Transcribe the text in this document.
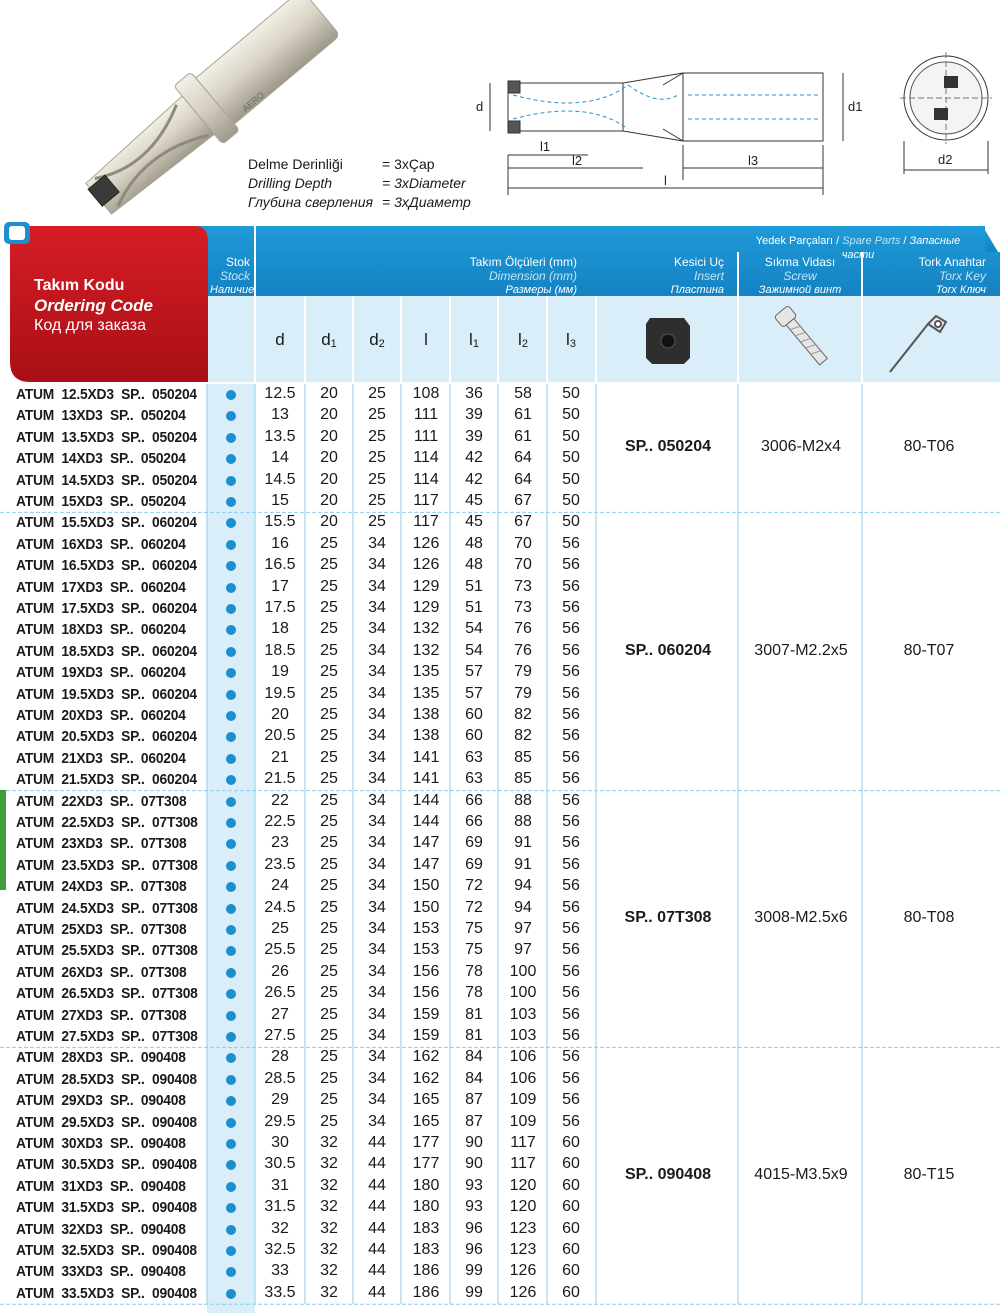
AERO
Delme Derinliği	= 3xÇap
Drilling Depth	= 3xDiameter
Глубина сверления = 3xДиаметр
d	d1
l1
l2	l3
l
d2
Takım Kodu
Ordering Code
Код для заказа
Stok
Stock
Наличие
Takım Ölçüleri (mm)
Dimension (mm)
Размеры (мм)
Kesici Uç
Insert
Пластина
Yedek Parçaları / Spare Parts / Запасные части
Sıkma Vidası
Screw
Зажимной винт
Tork Anahtar
Torx Key
Torx Ключ
d	$d_1$	$d_2$	l	$l_1$	$l_2$	$l_3$
ATUM  12.5XD3  SP..  050204	12.5	20	25	108	36	58	50
ATUM  13XD3  SP..  050204	13	20	25	111	39	61	50
ATUM  13.5XD3  SP..  050204	13.5	20	25	111	39	61	50
ATUM  14XD3  SP..  050204	14	20	25	114	42	64	50
ATUM  14.5XD3  SP..  050204	14.5	20	25	114	42	64	50
ATUM  15XD3  SP..  050204	15	20	25	117	45	67	50
ATUM  15.5XD3  SP..  060204	15.5	20	25	117	45	67	50
ATUM  16XD3  SP..  060204	16	25	34	126	48	70	56
ATUM  16.5XD3  SP..  060204	16.5	25	34	126	48	70	56
ATUM  17XD3  SP..  060204	17	25	34	129	51	73	56
ATUM  17.5XD3  SP..  060204	17.5	25	34	129	51	73	56
ATUM  18XD3  SP..  060204	18	25	34	132	54	76	56
ATUM  18.5XD3  SP..  060204	18.5	25	34	132	54	76	56
ATUM  19XD3  SP..  060204	19	25	34	135	57	79	56
ATUM  19.5XD3  SP..  060204	19.5	25	34	135	57	79	56
ATUM  20XD3  SP..  060204	20	25	34	138	60	82	56
ATUM  20.5XD3  SP..  060204	20.5	25	34	138	60	82	56
ATUM  21XD3  SP..  060204	21	25	34	141	63	85	56
ATUM  21.5XD3  SP..  060204	21.5	25	34	141	63	85	56
ATUM  22XD3  SP..  07T308	22	25	34	144	66	88	56
ATUM  22.5XD3  SP..  07T308	22.5	25	34	144	66	88	56
ATUM  23XD3  SP..  07T308	23	25	34	147	69	91	56
ATUM  23.5XD3  SP..  07T308	23.5	25	34	147	69	91	56
ATUM  24XD3  SP..  07T308	24	25	34	150	72	94	56
ATUM  24.5XD3  SP..  07T308	24.5	25	34	150	72	94	56
ATUM  25XD3  SP..  07T308	25	25	34	153	75	97	56
ATUM  25.5XD3  SP..  07T308	25.5	25	34	153	75	97	56
ATUM  26XD3  SP..  07T308	26	25	34	156	78	100	56
ATUM  26.5XD3  SP..  07T308	26.5	25	34	156	78	100	56
ATUM  27XD3  SP..  07T308	27	25	34	159	81	103	56
ATUM  27.5XD3  SP..  07T308	27.5	25	34	159	81	103	56
ATUM  28XD3  SP..  090408	28	25	34	162	84	106	56
ATUM  28.5XD3  SP..  090408	28.5	25	34	162	84	106	56
ATUM  29XD3  SP..  090408	29	25	34	165	87	109	56
ATUM  29.5XD3  SP..  090408	29.5	25	34	165	87	109	56
ATUM  30XD3  SP..  090408	30	32	44	177	90	117	60
ATUM  30.5XD3  SP..  090408	30.5	32	44	177	90	117	60
ATUM  31XD3  SP..  090408	31	32	44	180	93	120	60
ATUM  31.5XD3  SP..  090408	31.5	32	44	180	93	120	60
ATUM  32XD3  SP..  090408	32	32	44	183	96	123	60
ATUM  32.5XD3  SP..  090408	32.5	32	44	183	96	123	60
ATUM  33XD3  SP..  090408	33	32	44	186	99	126	60
ATUM  33.5XD3  SP..  090408	33.5	32	44	186	99	126	60
SP.. 050204	3006-M2x4	80-T06
SP.. 060204	3007-M2.2x5	80-T07
SP.. 07T308	3008-M2.5x6	80-T08
SP.. 090408	4015-M3.5x9	80-T15
